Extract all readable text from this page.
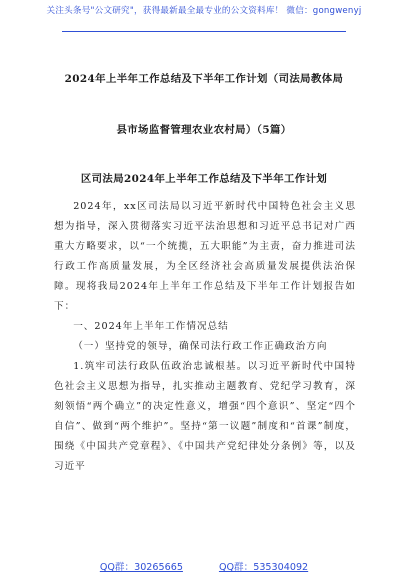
关注头条号"公文研究"，获得最新最全最专业的公文资料库！ 微信：gongwenyj
2024年上半年工作总结及下半年工作计划（司法局教体局
县市场监督管理农业农村局）（5篇）
区司法局2024年上半年工作总结及下半年工作计划

2024年，xx区司法局以习近平新时代中国特色社会主义思想为指导，深入贯彻落实习近平法治思想和习近平总书记对广西重大方略要求，以“一个统揽，五大职能”为主责，奋力推进司法行政工作高质量发展，为全区经济社会高质量发展提供法治保障。现将我局2024年上半年工作总结及下半年工作计划报告如下：

一、2024年上半年工作情况总结

（一）坚持党的领导，确保司法行政工作正确政治方向

1.筑牢司法行政队伍政治忠诚根基。以习近平新时代中国特色社会主义思想为指导，扎实推动主题教育、党纪学习教育，深刻领悟“两个确立”的决定性意义，增强“四个意识”、坚定“四个自信”、做到“两个维护”。坚持“第一议题”制度和“首课”制度，围绕《中国共产党章程》、《中国共产党纪律处分条例》等，以及习近平

QQ群：30265665	QQ群：535304092
